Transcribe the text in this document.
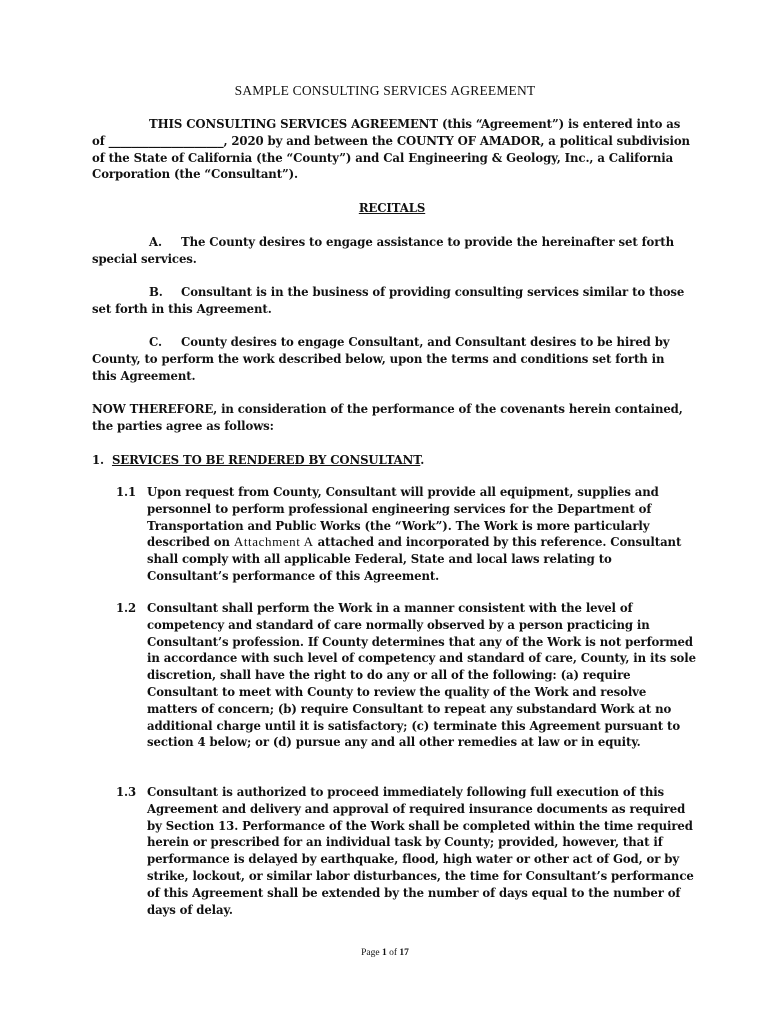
SAMPLE CONSULTING SERVICES AGREEMENT
THIS CONSULTING SERVICES AGREEMENT (this “Agreement”) is entered into as of ____________________, 2020 by and between the COUNTY OF AMADOR, a political subdivision of the State of California (the “County”) and Cal Engineering & Geology, Inc., a California Corporation (the “Consultant”).
RECITALS
A. The County desires to engage assistance to provide the hereinafter set forth special services.
B. Consultant is in the business of providing consulting services similar to those set forth in this Agreement.
C. County desires to engage Consultant, and Consultant desires to be hired by County, to perform the work described below, upon the terms and conditions set forth in this Agreement.
NOW THEREFORE, in consideration of the performance of the covenants herein contained, the parties agree as follows:
1. SERVICES TO BE RENDERED BY CONSULTANT.
1.1 Upon request from County, Consultant will provide all equipment, supplies and personnel to perform professional engineering services for the Department of Transportation and Public Works (the “Work”). The Work is more particularly described on Attachment A attached and incorporated by this reference. Consultant shall comply with all applicable Federal, State and local laws relating to Consultant’s performance of this Agreement.
1.2 Consultant shall perform the Work in a manner consistent with the level of competency and standard of care normally observed by a person practicing in Consultant’s profession. If County determines that any of the Work is not performed in accordance with such level of competency and standard of care, County, in its sole discretion, shall have the right to do any or all of the following: (a) require Consultant to meet with County to review the quality of the Work and resolve matters of concern; (b) require Consultant to repeat any substandard Work at no additional charge until it is satisfactory; (c) terminate this Agreement pursuant to section 4 below; or (d) pursue any and all other remedies at law or in equity.
1.3 Consultant is authorized to proceed immediately following full execution of this Agreement and delivery and approval of required insurance documents as required by Section 13. Performance of the Work shall be completed within the time required herein or prescribed for an individual task by County; provided, however, that if performance is delayed by earthquake, flood, high water or other act of God, or by strike, lockout, or similar labor disturbances, the time for Consultant’s performance of this Agreement shall be extended by the number of days equal to the number of days of delay.
Page 1 of 17
